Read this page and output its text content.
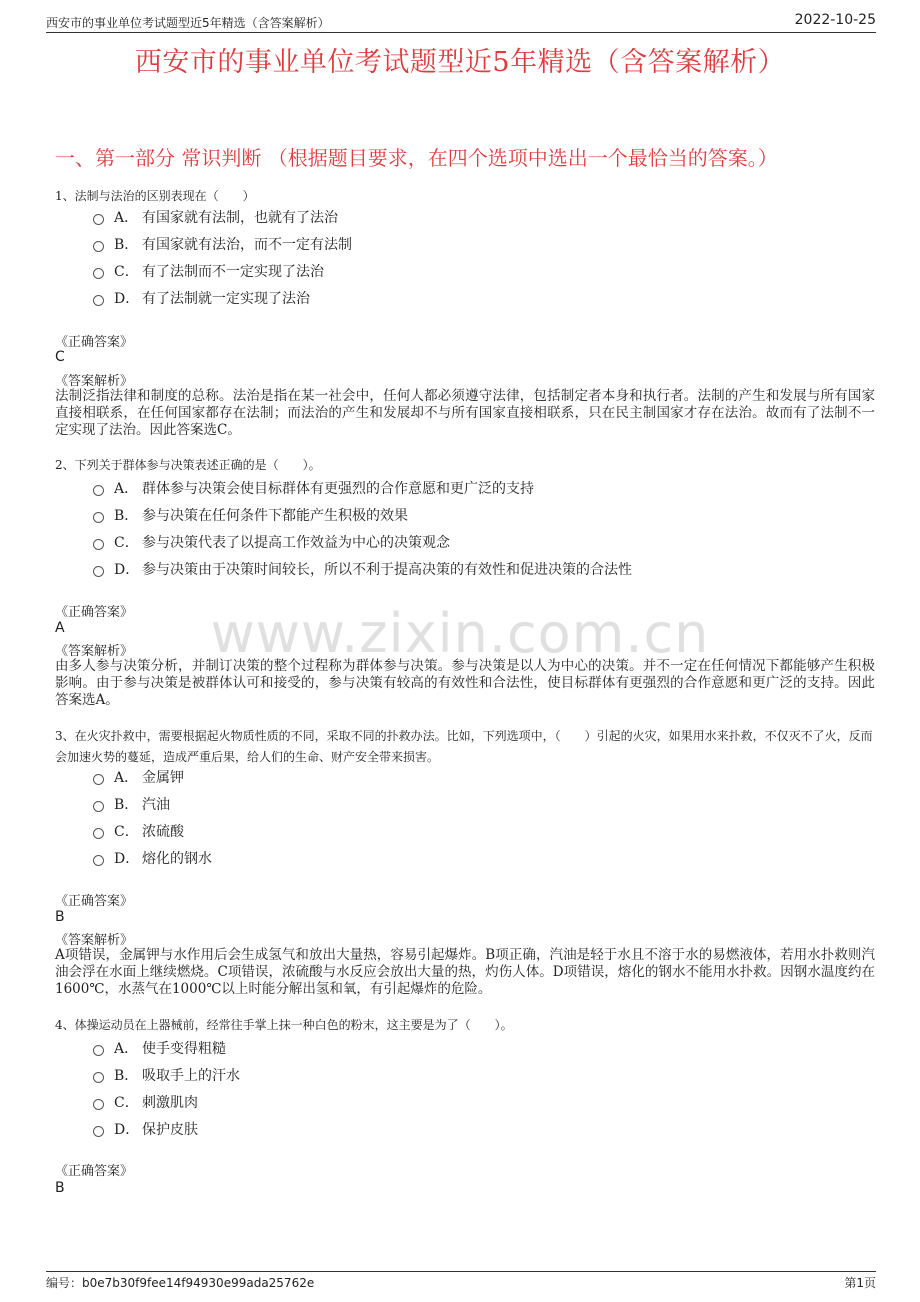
西安市的事业单位考试题型近5年精选（含答案解析）	2022-10-25
西安市的事业单位考试题型近5年精选（含答案解析）
一、第一部分 常识判断 （根据题目要求，在四个选项中选出一个最恰当的答案。）
www.zixin.com.cn
1、法制与法治的区别表现在（　　）
A． 有国家就有法制，也就有了法治
B． 有国家就有法治，而不一定有法制
C． 有了法制而不一定实现了法治
D． 有了法制就一定实现了法治
《正确答案》
C
《答案解析》
法制泛指法律和制度的总称。法治是指在某一社会中，任何人都必须遵守法律，包括制定者本身和执行者。法制的产生和发展与所有国家直接相联系，在任何国家都存在法制；而法治的产生和发展却不与所有国家直接相联系，只在民主制国家才存在法治。故而有了法制不一定实现了法治。因此答案选C。
2、下列关于群体参与决策表述正确的是（　　）。
A． 群体参与决策会使目标群体有更强烈的合作意愿和更广泛的支持
B． 参与决策在任何条件下都能产生积极的效果
C． 参与决策代表了以提高工作效益为中心的决策观念
D． 参与决策由于决策时间较长，所以不利于提高决策的有效性和促进决策的合法性
《正确答案》
A
《答案解析》
由多人参与决策分析，并制订决策的整个过程称为群体参与决策。参与决策是以人为中心的决策。并不一定在任何情况下都能够产生积极影响。由于参与决策是被群体认可和接受的，参与决策有较高的有效性和合法性，使目标群体有更强烈的合作意愿和更广泛的支持。因此答案选A。
3、在火灾扑救中，需要根据起火物质性质的不同，采取不同的扑救办法。比如，下列选项中，（　　）引起的火灾，如果用水来扑救，不仅灭不了火，反而会加速火势的蔓延，造成严重后果，给人们的生命、财产安全带来损害。
A． 金属钾
B． 汽油
C． 浓硫酸
D． 熔化的钢水
《正确答案》
B
《答案解析》
A项错误，金属钾与水作用后会生成氢气和放出大量热，容易引起爆炸。B项正确，汽油是轻于水且不溶于水的易燃液体，若用水扑救则汽油会浮在水面上继续燃烧。C项错误，浓硫酸与水反应会放出大量的热，灼伤人体。D项错误，熔化的钢水不能用水扑救。因钢水温度约在1600℃，水蒸气在1000℃以上时能分解出氢和氧，有引起爆炸的危险。
4、体操运动员在上器械前，经常往手掌上抹一种白色的粉末，这主要是为了（　　）。
A． 使手变得粗糙
B． 吸取手上的汗水
C． 刺激肌肉
D． 保护皮肤
《正确答案》
B
编号：b0e7b30f9fee14f94930e99ada25762e	第1页
